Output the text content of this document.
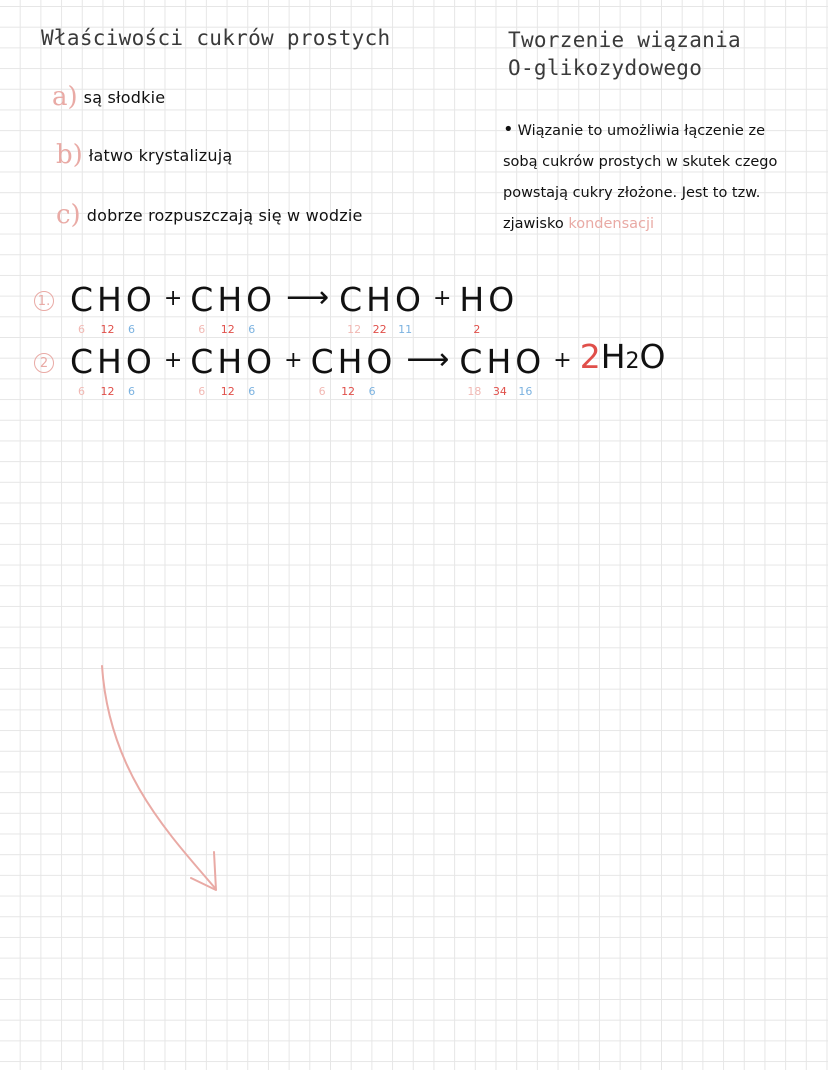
Właściwości cukrów prostych	Tworzenie wiązania
O-glikozydowego
a) są słodkie
b) łatwo krystalizują
c) dobrze rozpuszczają się w wodzie
• Wiązanie to umożliwia łączenie ze sobą cukrów prostych w skutek czego powstają cukry złożone. Jest to tzw. zjawisko kondensacji
1. CHO
6 12 6
+ CHO
6 12 6
⟶ CHO
12 22 11
+ HO
2
2 CHO
6 12 6
+ CHO
6 12 6
+ CHO
6 12 6
⟶ CHO
18 34 16
+ 2H2O
